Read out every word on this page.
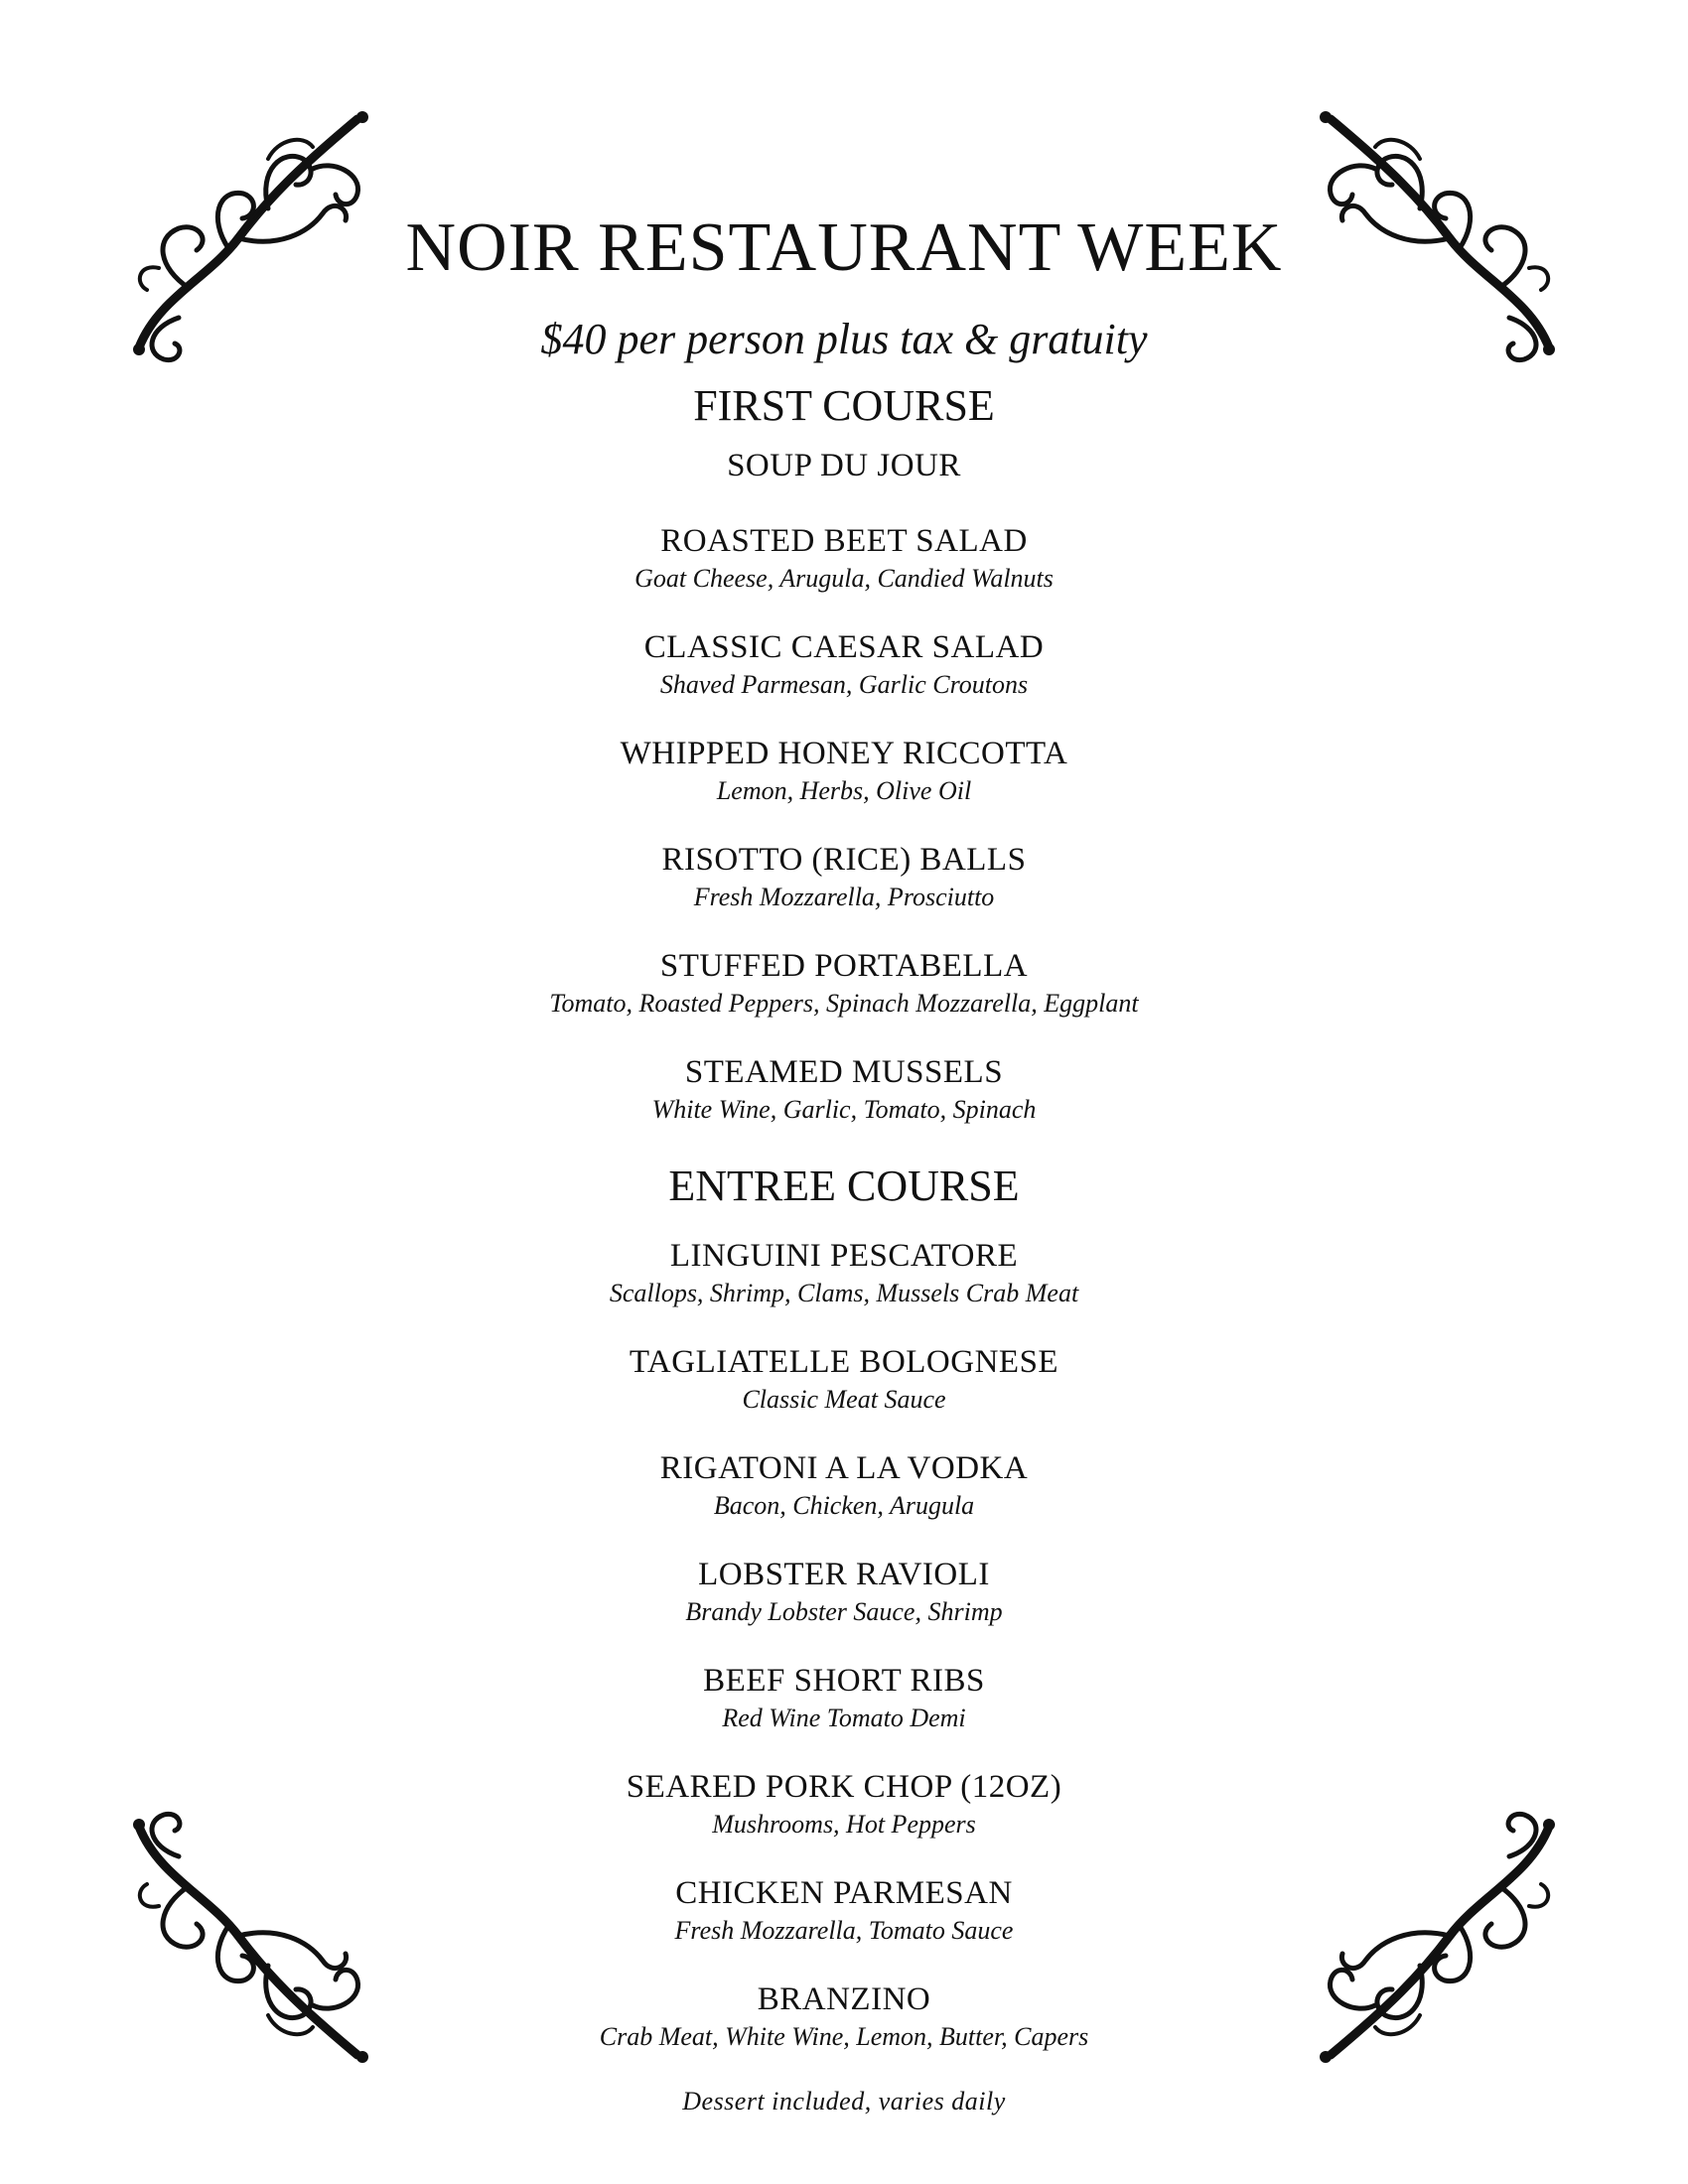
NOIR RESTAURANT WEEK
$40 per person plus tax & gratuity
FIRST COURSE
SOUP DU JOUR
ROASTED BEET SALAD
Goat Cheese, Arugula, Candied Walnuts
CLASSIC CAESAR SALAD
Shaved Parmesan, Garlic Croutons
WHIPPED HONEY RICCOTTA
Lemon, Herbs, Olive Oil
RISOTTO (RICE) BALLS
Fresh Mozzarella, Prosciutto
STUFFED PORTABELLA
Tomato, Roasted Peppers, Spinach Mozzarella, Eggplant
STEAMED MUSSELS
White Wine, Garlic, Tomato, Spinach
ENTREE COURSE
LINGUINI PESCATORE
Scallops, Shrimp, Clams, Mussels Crab Meat
TAGLIATELLE BOLOGNESE
Classic Meat Sauce
RIGATONI A LA VODKA
Bacon, Chicken, Arugula
LOBSTER RAVIOLI
Brandy Lobster Sauce, Shrimp
BEEF SHORT RIBS
Red Wine Tomato Demi
SEARED PORK CHOP (12OZ)
Mushrooms, Hot Peppers
CHICKEN PARMESAN
Fresh Mozzarella, Tomato Sauce
BRANZINO
Crab Meat, White Wine, Lemon, Butter, Capers
Dessert included, varies daily
